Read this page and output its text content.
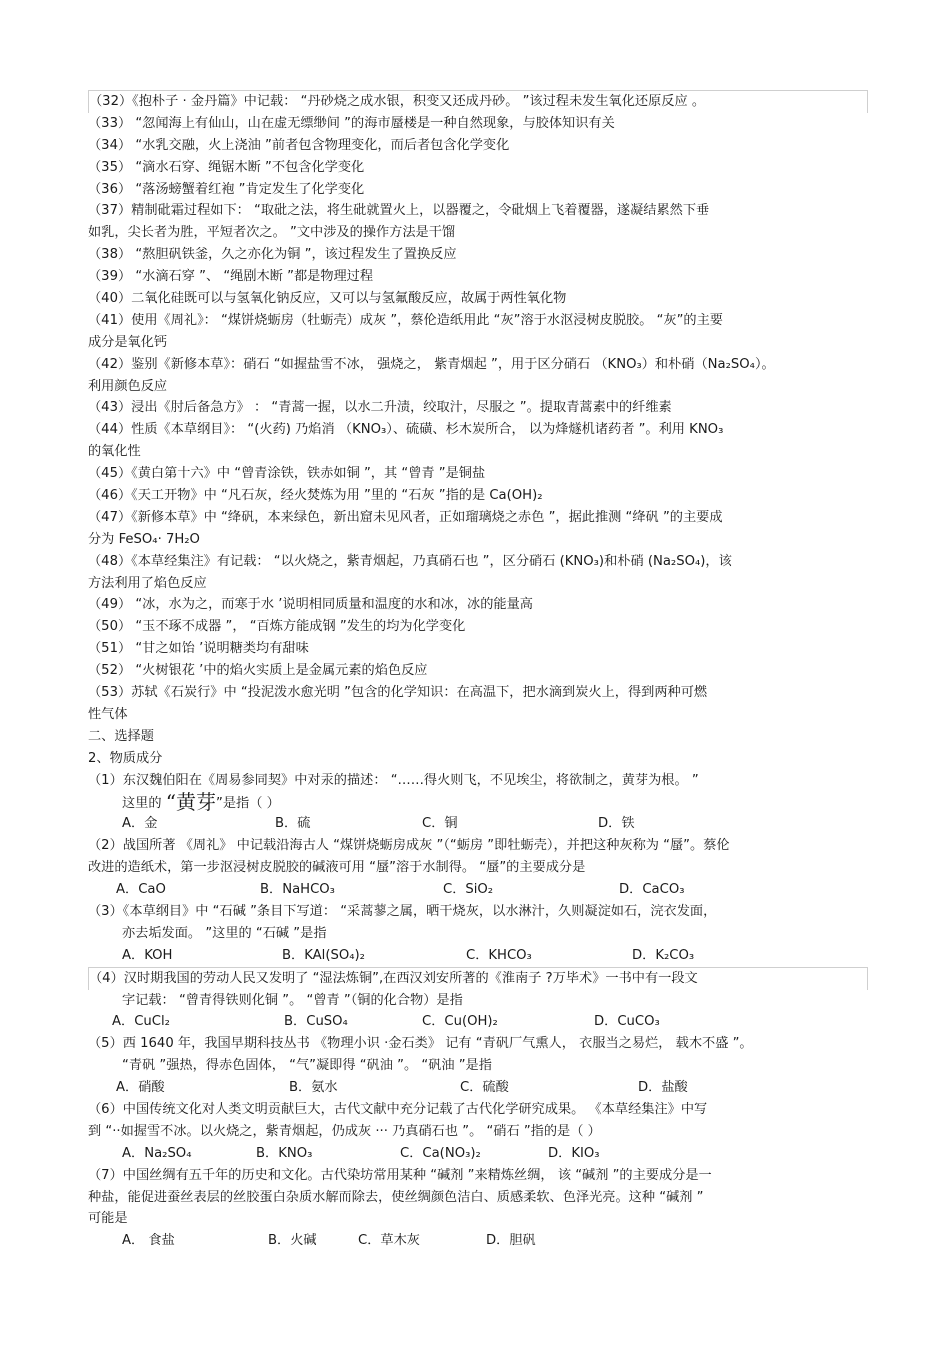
（32）《抱朴子 · 金丹篇》中记载： “丹砂烧之成水银，积变又还成丹砂。 ”该过程未发生氧化还原反应 。
（33） “忽闻海上有仙山，山在虚无缥缈间 ”的海市蜃楼是一种自然现象，与胶体知识有关
（34） “水乳交融，火上浇油 ”前者包含物理变化，而后者包含化学变化
（35） “滴水石穿、绳锯木断 ”不包含化学变化
（36） “落汤螃蟹着红袍 ”肯定发生了化学变化
（37）精制砒霜过程如下： “取砒之法，将生砒就置火上，以器覆之，令砒烟上飞着覆器，遂凝结累然下垂
如乳，尖长者为胜，平短者次之。 ”文中涉及的操作方法是干馏
（38） “熬胆矾铁釜，久之亦化为铜 ”，该过程发生了置换反应
（39） “水滴石穿 ”、 “绳剧木断 ”都是物理过程
（40）二氧化硅既可以与氢氧化钠反应，又可以与氢氟酸反应，故属于两性氧化物
（41）使用《周礼》： “煤饼烧蛎房（牡蛎壳）成灰 ”，蔡伦造纸用此 “灰”溶于水沤浸树皮脱胶。 “灰”的主要
成分是氧化钙
（42）鉴别《新修本草》：硝石 “如握盐雪不冰， 强烧之， 紫青烟起 ”，用于区分硝石 （KNO₃）和朴硝（Na₂SO₄）。
利用颜色反应
（43）浸出《肘后备急方》 ： “青蒿一握，以水二升渍，绞取汁，尽服之 ”。提取青蒿素中的纤维素
（44）性质《本草纲目》： “(火药) 乃焰消 （KNO₃）、硫磺、杉木炭所合， 以为烽燧机诸药者 ”。利用 KNO₃
的氧化性
（45）《黄白第十六》中 “曾青涂铁，铁赤如铜 ”，其 “曾青 ”是铜盐
（46）《天工开物》中 “凡石灰，经火焚炼为用 ”里的 “石灰 ”指的是 Ca(OH)₂
（47）《新修本草》中 “绛矾，本来绿色，新出窟未见风者，正如瑠璃烧之赤色 ”，据此推测 “绛矾 ”的主要成
分为 FeSO₄· 7H₂O
（48）《本草经集注》有记载： “以火烧之，紫青烟起，乃真硝石也 ”，区分硝石 (KNO₃)和朴硝 (Na₂SO₄)，该
方法利用了焰色反应
（49） “冰，水为之，而寒于水 ’说明相同质量和温度的水和冰，冰的能量高
（50） “玉不琢不成器 ”， “百炼方能成钢 ”发生的均为化学变化
（51） “甘之如饴 ’说明糖类均有甜味
（52） “火树银花 ’中的焰火实质上是金属元素的焰色反应
（53）苏轼《石炭行》中 “投泥泼水愈光明 ”包含的化学知识：在高温下，把水滴到炭火上，得到两种可燃
性气体
二、选择题
2、物质成分
（1）东汉魏伯阳在《周易参同契》中对汞的描述： “……得火则飞，不见埃尘，将欲制之，黄芽为根。 ”
这里的 “黄芽”是指（ ）
A．金	B．硫	C．铜	D．铁
（2）战国所著 《周礼》 中记载沿海古人 “煤饼烧蛎房成灰 ”（“蛎房 ”即牡蛎壳），并把这种灰称为 “蜃”。蔡伦
改进的造纸术，第一步沤浸树皮脱胶的碱液可用 “蜃”溶于水制得。 “蜃”的主要成分是
A．CaO	B．NaHCO₃	C．SiO₂	D．CaCO₃
（3）《本草纲目》中 “石碱 ”条目下写道： “采蒿蓼之属，晒干烧灰，以水淋汁，久则凝淀如石，浣衣发面，
亦去垢发面。 ”这里的 “石碱 ”是指
A．KOH	B．KAl(SO₄)₂	C．KHCO₃	D．K₂CO₃
（4）汉时期我国的劳动人民又发明了 “湿法炼铜”,在西汉刘安所著的《淮南子 ?万毕术》一书中有一段文
字记载： “曾青得铁则化铜 ”。 “曾青 ”（铜的化合物）是指
A．CuCl₂	B．CuSO₄	C．Cu(OH)₂	D．CuCO₃
（5）西 1640 年，我国早期科技丛书 《物理小识 ·金石类》 记有 “青矾厂气熏人， 衣服当之易烂， 载木不盛 ”。
“青矾 ”强热，得赤色固体， “气”凝即得 “矾油 ”。 “矾油 ”是指
A．硝酸	B．氨水	C．硫酸	D．盐酸
（6）中国传统文化对人类文明贡献巨大，古代文献中充分记载了古代化学研究成果。 《本草经集注》中写
到 “··如握雪不冰。以火烧之，紫青烟起，仍成灰 ··· 乃真硝石也 ”。 “硝石 ”指的是（ ）
A．Na₂SO₄	B．KNO₃	C．Ca(NO₃)₂	D．KIO₃
（7）中国丝绸有五千年的历史和文化。古代染坊常用某种 “碱剂 ”来精炼丝绸， 该 “碱剂 ”的主要成分是一
种盐，能促进蚕丝表层的丝胶蛋白杂质水解而除去，使丝绸颜色洁白、质感柔软、色泽光亮。这种 “碱剂 ”
可能是
A． 食盐	B．火碱	C．草木灰	D．胆矾
